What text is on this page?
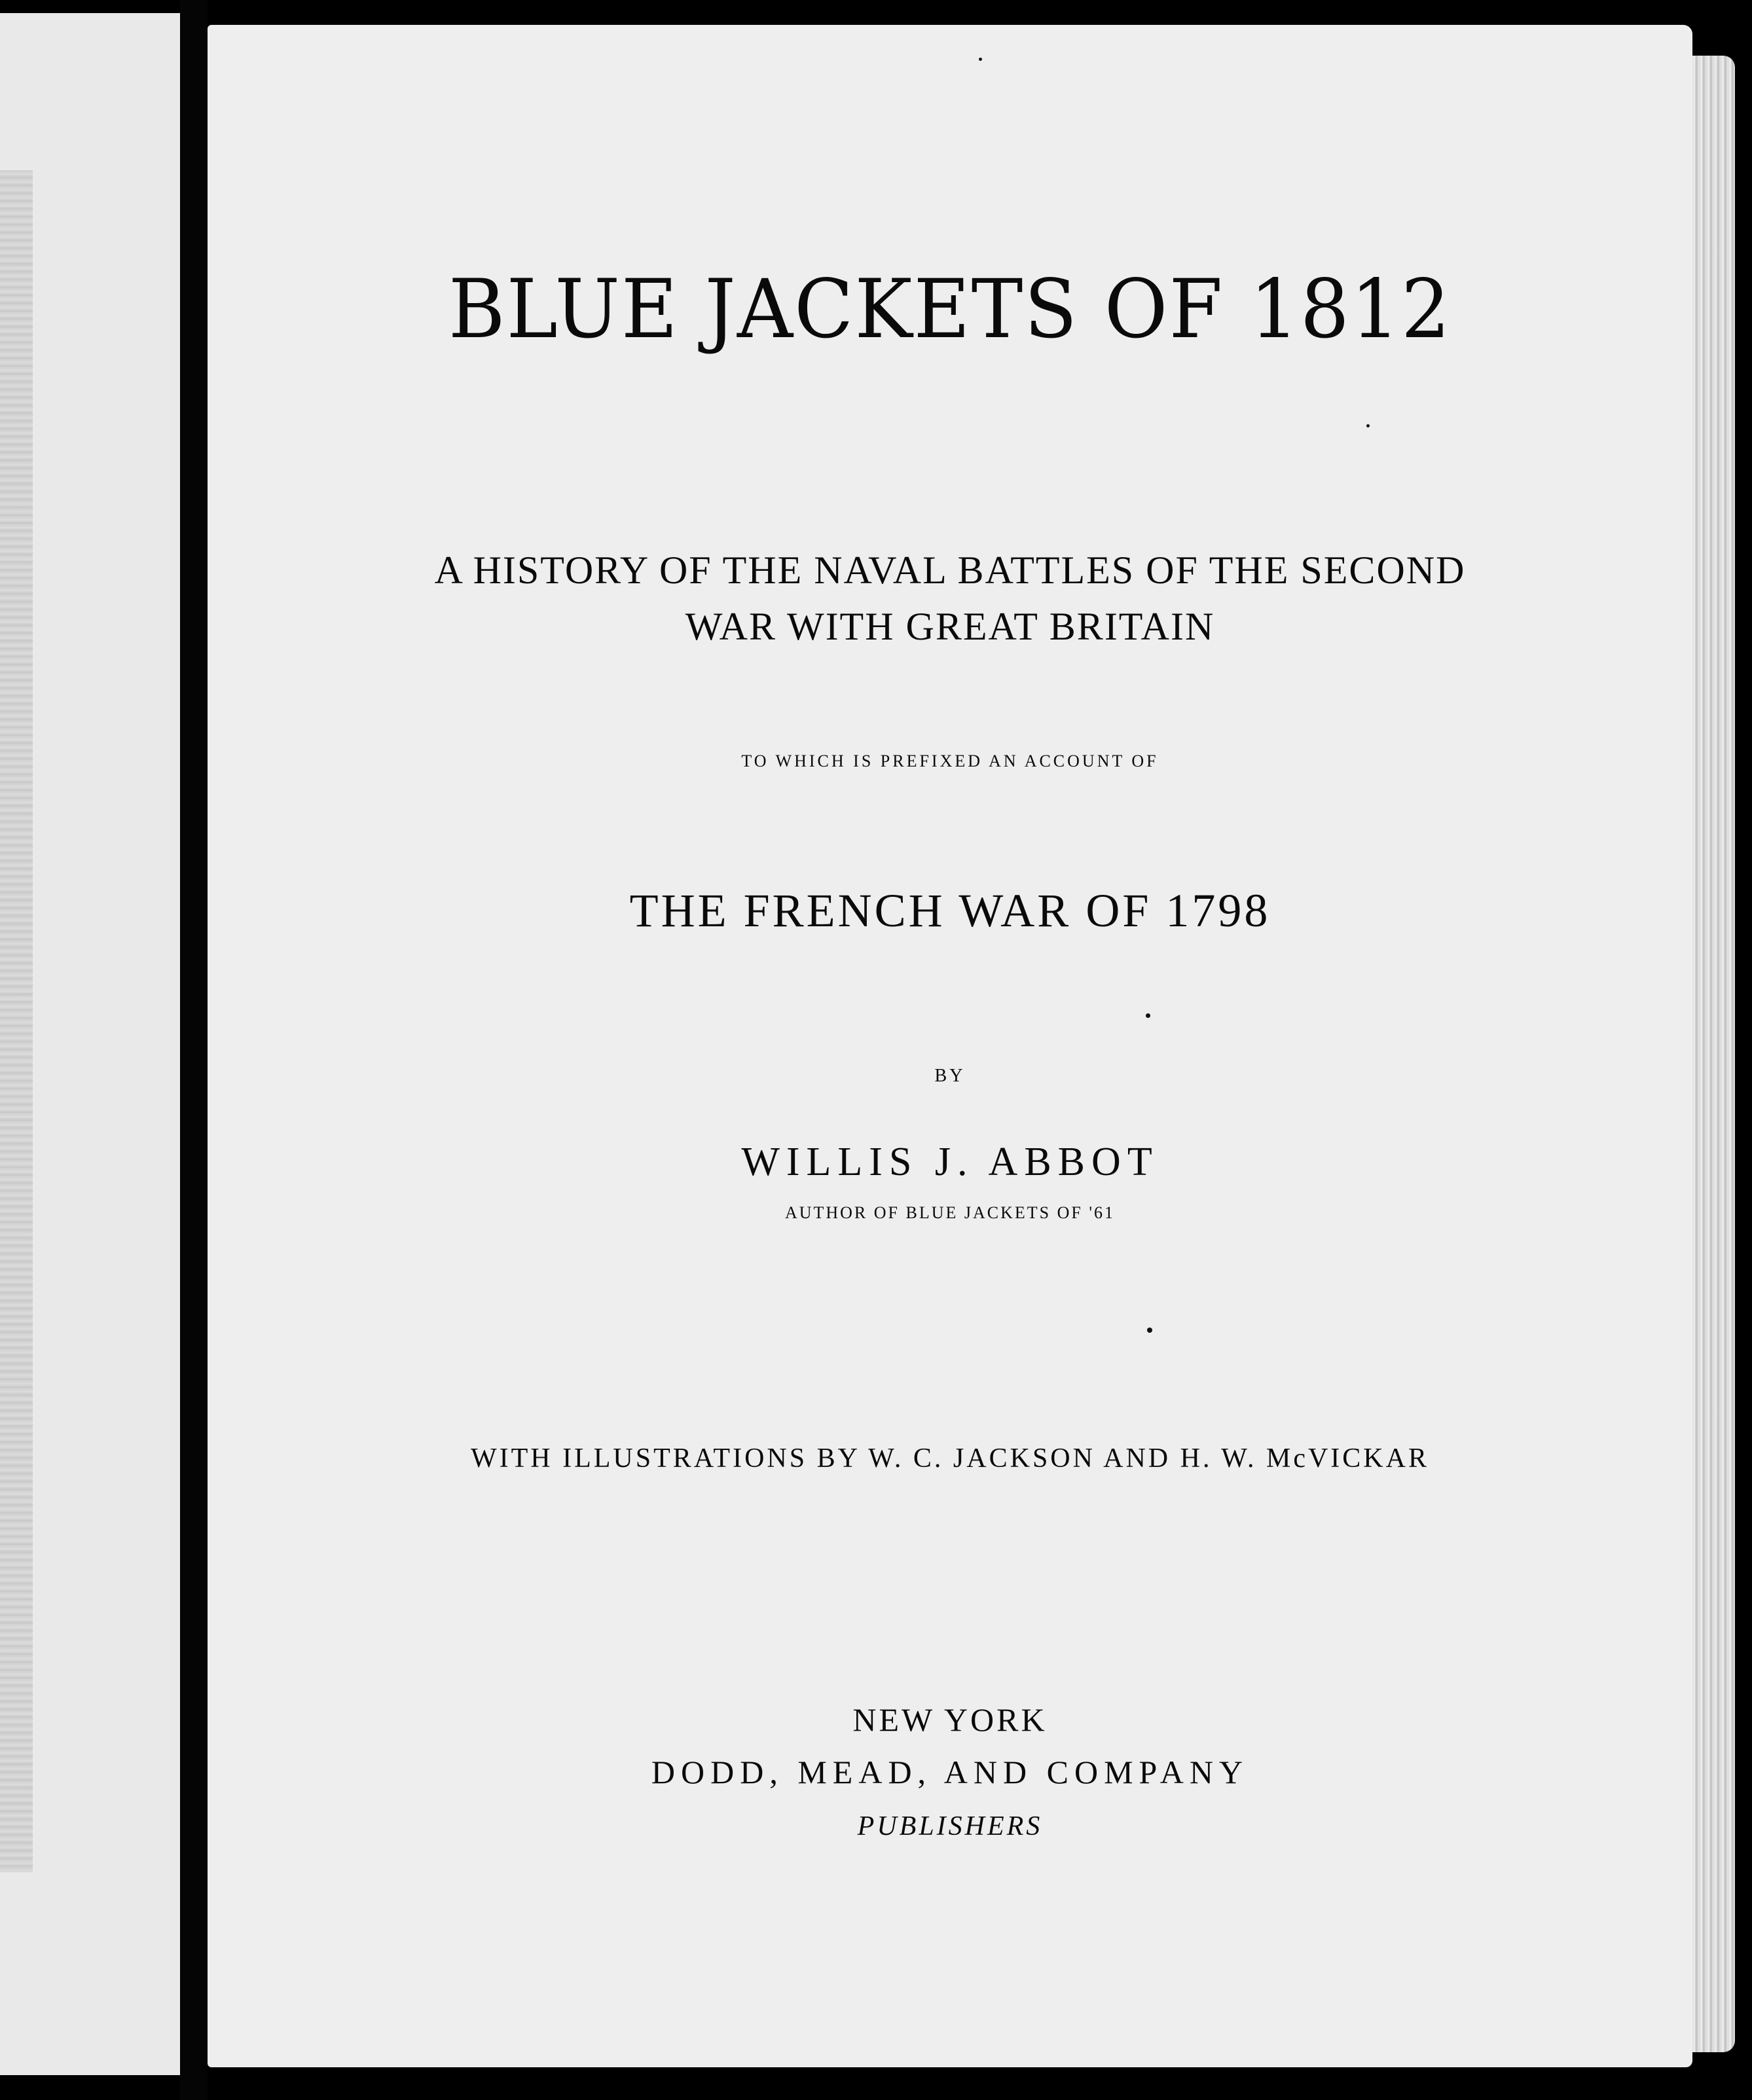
BLUE JACKETS OF 1812
A HISTORY OF THE NAVAL BATTLES OF THE SECOND
WAR WITH GREAT BRITAIN

TO WHICH IS PREFIXED AN ACCOUNT OF

THE FRENCH WAR OF 1798

BY

WILLIS J. ABBOT

AUTHOR OF BLUE JACKETS OF '61

WITH ILLUSTRATIONS BY W. C. JACKSON AND H. W. McVICKAR

NEW YORK

DODD, MEAD, AND COMPANY

PUBLISHERS
